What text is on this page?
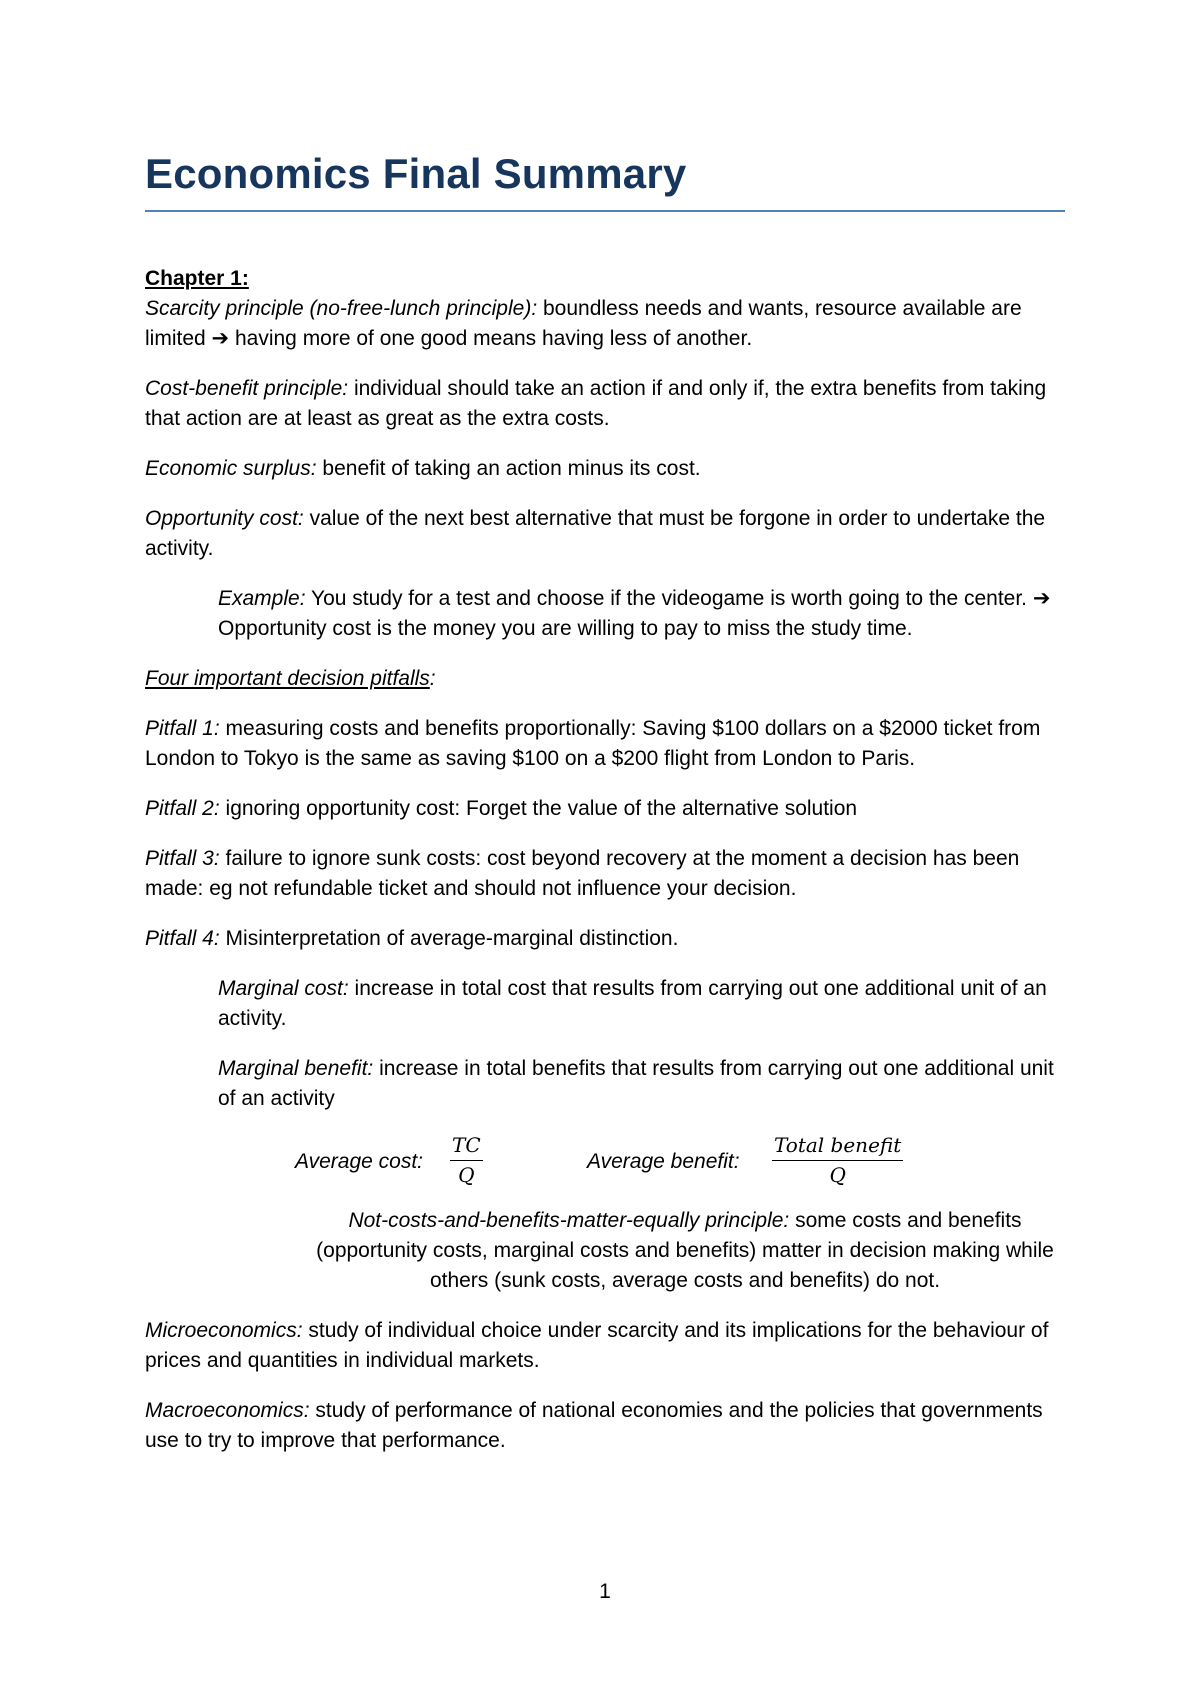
Economics Final Summary

Chapter 1:

Scarcity principle (no-free-lunch principle): boundless needs and wants, resource available are limited ➔ having more of one good means having less of another.

Cost-benefit principle: individual should take an action if and only if, the extra benefits from taking that action are at least as great as the extra costs.

Economic surplus: benefit of taking an action minus its cost.

Opportunity cost: value of the next best alternative that must be forgone in order to undertake the activity.

Example: You study for a test and choose if the videogame is worth going to the center. ➔ Opportunity cost is the money you are willing to pay to miss the study time.

Four important decision pitfalls:

Pitfall 1: measuring costs and benefits proportionally: Saving $100 dollars on a $2000 ticket from London to Tokyo is the same as saving $100 on a $200 flight from London to Paris.

Pitfall 2: ignoring opportunity cost: Forget the value of the alternative solution

Pitfall 3: failure to ignore sunk costs: cost beyond recovery at the moment a decision has been made: eg not refundable ticket and should not influence your decision.

Pitfall 4: Misinterpretation of average-marginal distinction.

Marginal cost: increase in total cost that results from carrying out one additional unit of an activity.

Marginal benefit: increase in total benefits that results from carrying out one additional unit of an activity

Average cost: $\frac{TC}{Q}$	Average benefit:
Total benefit
Q

Not-costs-and-benefits-matter-equally principle: some costs and benefits (opportunity costs, marginal costs and benefits) matter in decision making while others (sunk costs, average costs and benefits) do not.

Microeconomics: study of individual choice under scarcity and its implications for the behaviour of prices and quantities in individual markets.

Macroeconomics: study of performance of national economies and the policies that governments use to try to improve that performance.

1
